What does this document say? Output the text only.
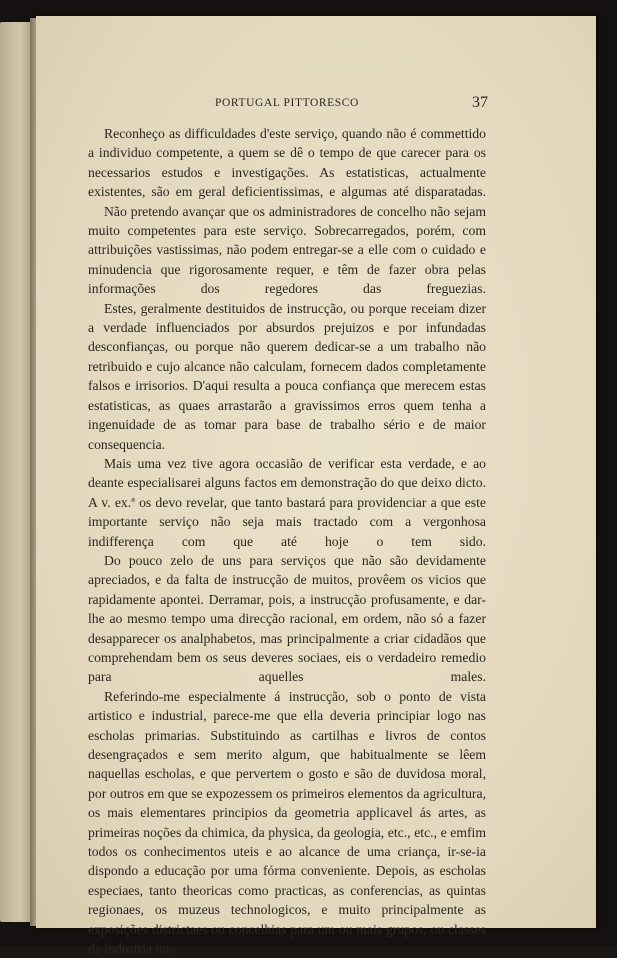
PORTUGAL PITTORESCO	37

Reconheço as difficuldades d'este serviço, quando não é commettido a individuo competente, a quem se dê o tempo de que carecer para os necessarios estudos e investigações. As estatisticas, actualmente existentes, são em geral deficientissimas, e algumas até disparatadas.

Não pretendo avançar que os administradores de concelho não sejam muito competentes para este serviço. Sobrecarregados, porém, com attribuições vastissimas, não podem entregar-se a elle com o cuidado e minudencia que rigorosamente requer, e têm de fazer obra pelas informações dos regedores das freguezias.

Estes, geralmente destituidos de instrucção, ou porque receiam dizer a verdade influenciados por absurdos prejuizos e por infundadas desconfianças, ou porque não querem dedicar-se a um trabalho não retribuido e cujo alcance não calculam, fornecem dados completamente falsos e irrisorios. D'aqui resulta a pouca confiança que merecem estas estatisticas, as quaes arrastarão a gravissimos erros quem tenha a ingenuidade de as tomar para base de trabalho sério e de maior consequencia.

Mais uma vez tive agora occasião de verificar esta verdade, e ao deante especialisarei alguns factos em demonstração do que deixo dicto. A v. ex.ª os devo revelar, que tanto bastará para providenciar a que este importante serviço não seja mais tractado com a vergonhosa indifferença com que até hoje o tem sido.

Do pouco zelo de uns para serviços que não são devidamente apreciados, e da falta de instrucção de muitos, provêem os vicios que rapidamente apontei. Derramar, pois, a instrucção profusamente, e dar-lhe ao mesmo tempo uma direcção racional, em ordem, não só a fazer desapparecer os analphabetos, mas principalmente a criar cidadãos que comprehendam bem os seus deveres sociaes, eis o verdadeiro remedio para aquelles males.

Referindo-me especialmente á instrucção, sob o ponto de vista artistico e industrial, parece-me que ella deveria principiar logo nas escholas primarias. Substituindo as cartilhas e livros de contos desengraçados e sem merito algum, que habitualmente se lêem naquellas escholas, e que pervertem o gosto e são de duvidosa moral, por outros em que se expozessem os primeiros elementos da agricultura, os mais elementares principios da geometria applicavel ás artes, as primeiras noções da chimica, da physica, da geologia, etc., etc., e emfim todos os conhecimentos uteis e ao alcance de uma criança, ir-se-ia dispondo a educação por uma fórma conveniente. Depois, as escholas especiaes, tanto theoricas como practicas, as conferencias, as quintas regionaes, os muzeus technologicos, e muito principalmente as exposições districtaes ou concelhias para um ou mais grupos, ou classes da industria hu-
